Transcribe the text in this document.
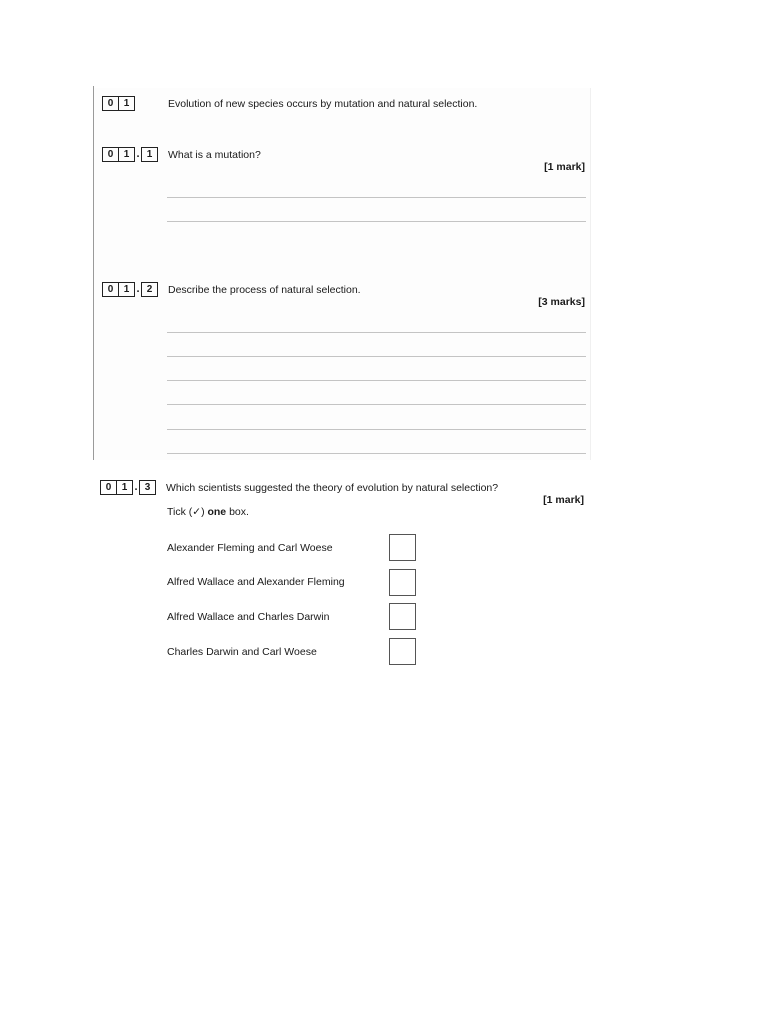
0	1	Evolution of new species occurs by mutation and natural selection.
0	1 . 1	What is a mutation?
[1 mark]
0	1 . 2	Describe the process of natural selection.
[3 marks]
0	1 . 3	Which scientists suggested the theory of evolution by natural selection?
[1 mark]
Tick (✓) one box.
Alexander Fleming and Carl Woese
Alfred Wallace and Alexander Fleming
Alfred Wallace and Charles Darwin
Charles Darwin and Carl Woese
